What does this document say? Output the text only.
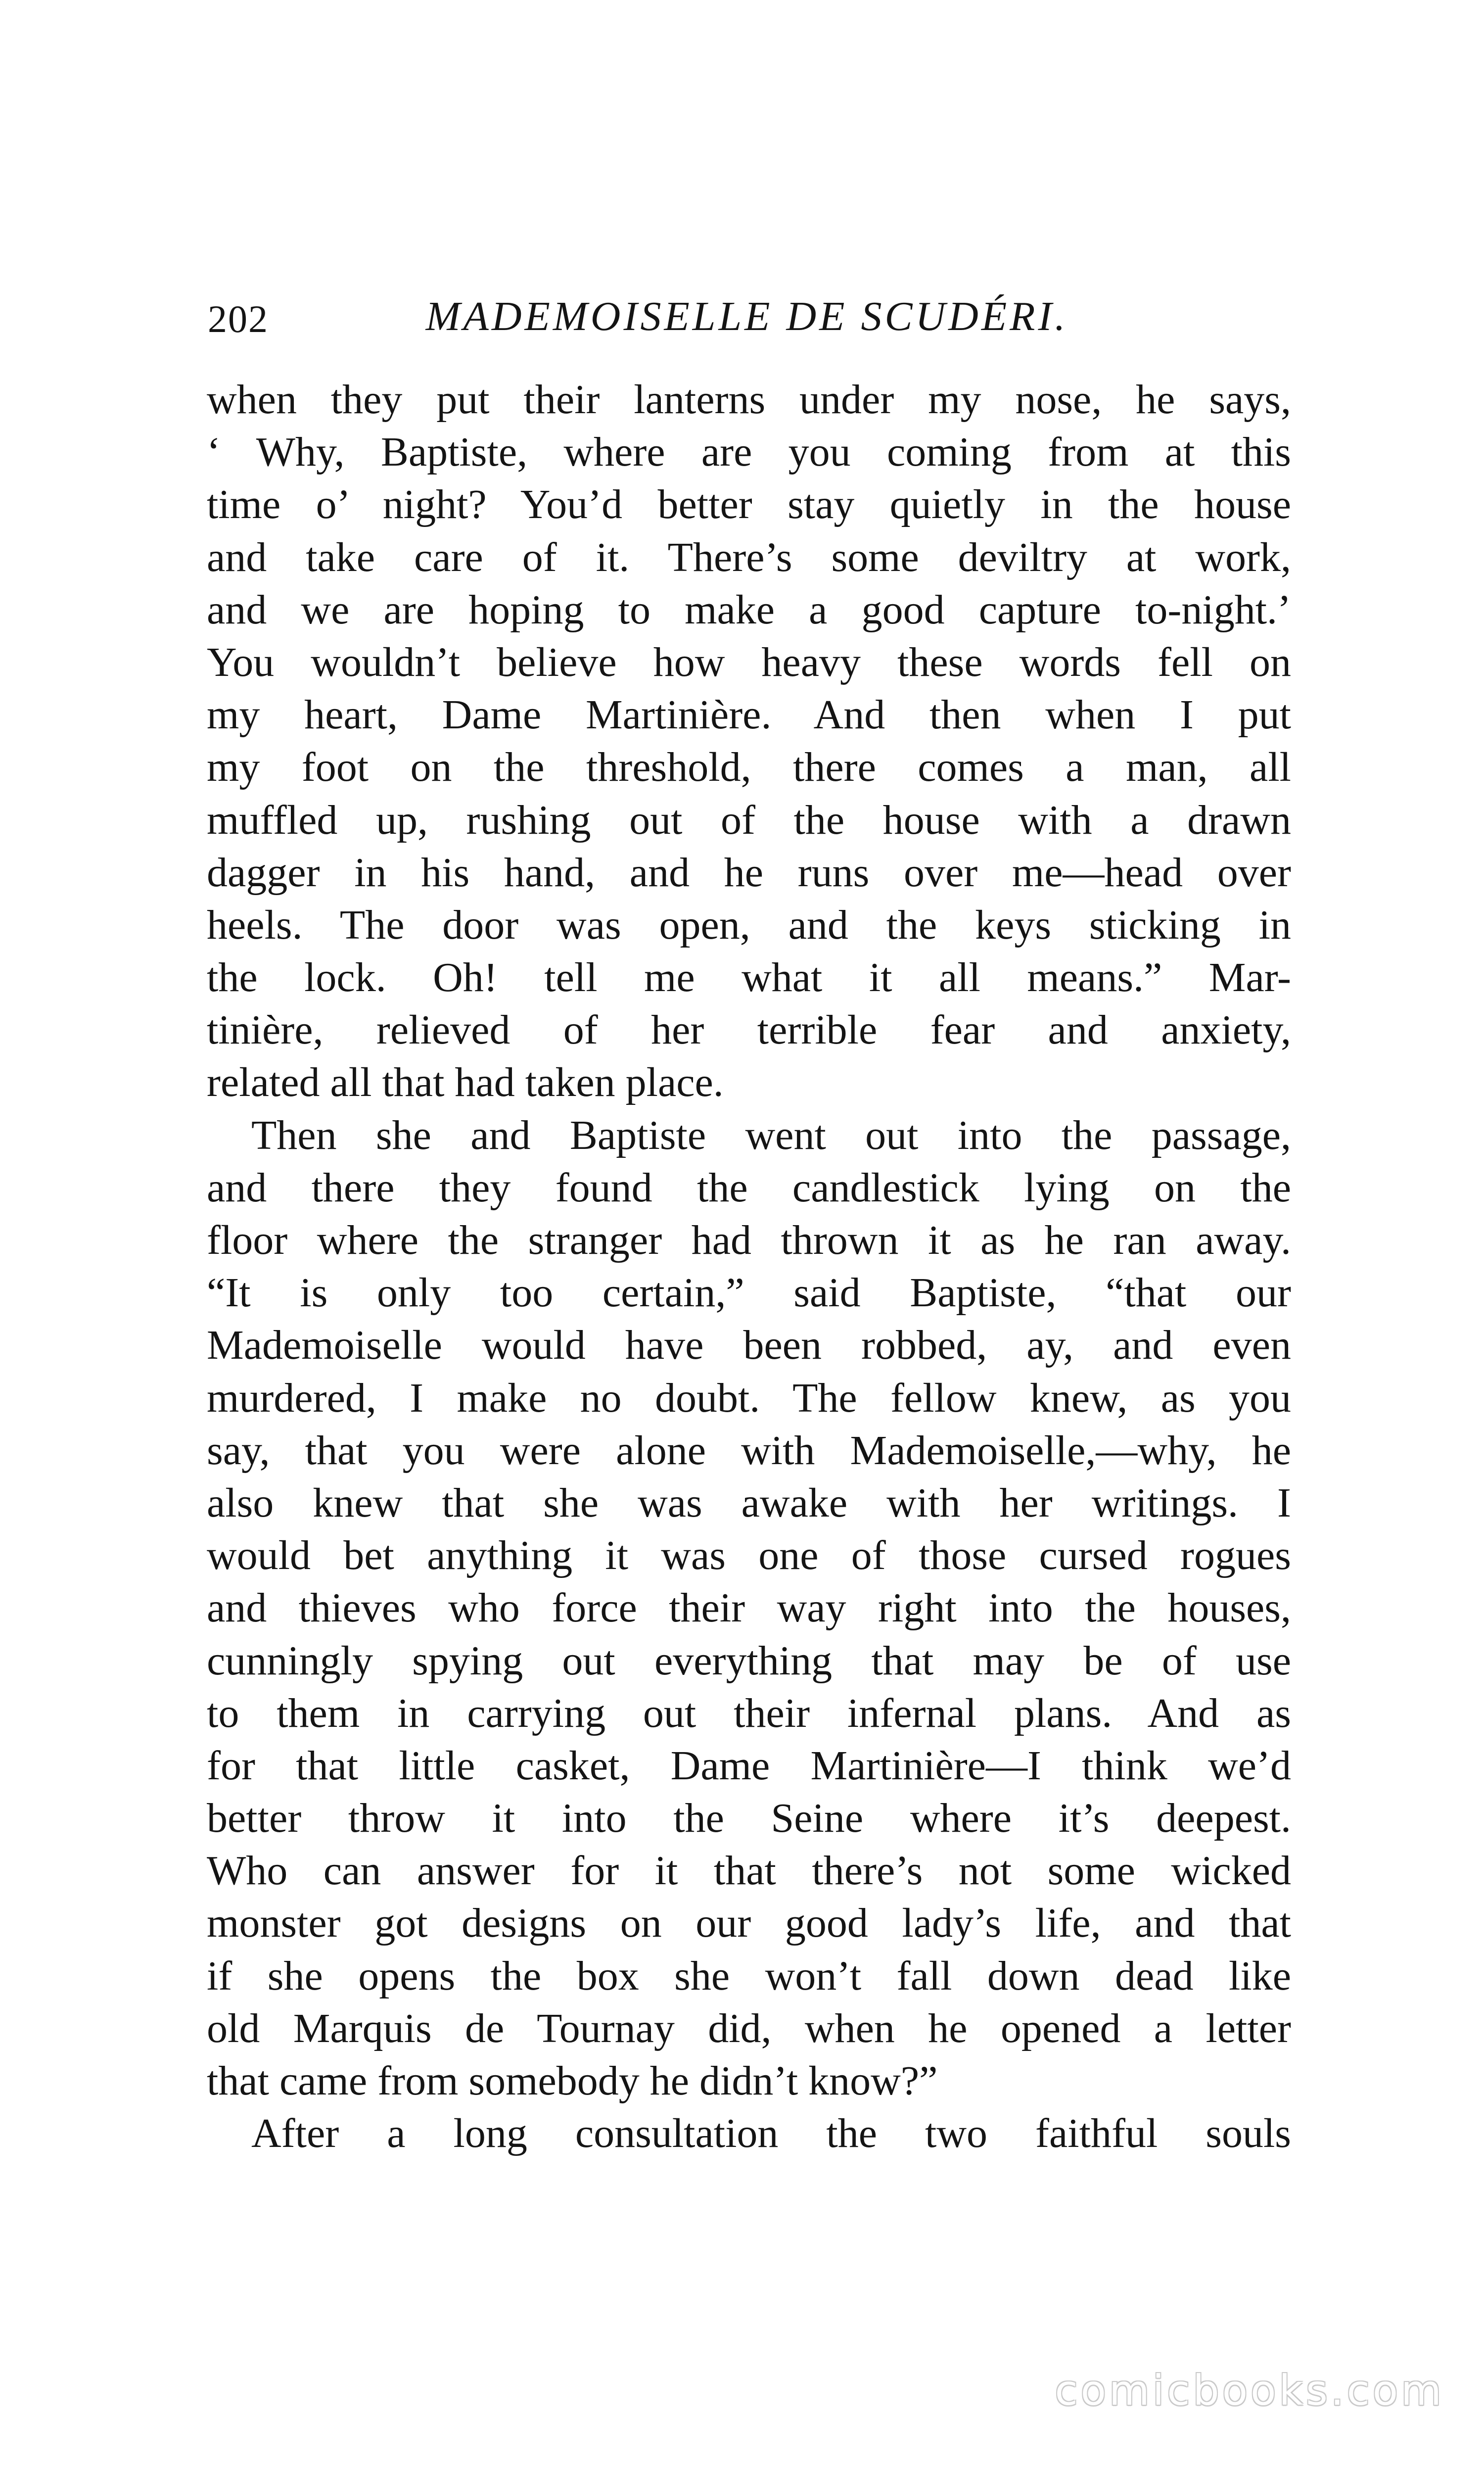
202	MADEMOISELLE DE SCUDÉRI.
when they put their lanterns under my nose, he says,
‘ Why, Baptiste, where are you coming from at this
time o’ night? You’d better stay quietly in the house
and take care of it. There’s some deviltry at work,
and we are hoping to make a good capture to-night.’
You wouldn’t believe how heavy these words fell on
my heart, Dame Martinière. And then when I put
my foot on the threshold, there comes a man, all
muffled up, rushing out of the house with a drawn
dagger in his hand, and he runs over me—head over
heels. The door was open, and the keys sticking in
the lock. Oh! tell me what it all means.” Mar-
tinière, relieved of her terrible fear and anxiety,
related all that had taken place.
Then she and Baptiste went out into the passage,
and there they found the candlestick lying on the
floor where the stranger had thrown it as he ran away.
“It is only too certain,” said Baptiste, “that our
Mademoiselle would have been robbed, ay, and even
murdered, I make no doubt. The fellow knew, as you
say, that you were alone with Mademoiselle,—why, he
also knew that she was awake with her writings. I
would bet anything it was one of those cursed rogues
and thieves who force their way right into the houses,
cunningly spying out everything that may be of use
to them in carrying out their infernal plans. And as
for that little casket, Dame Martinière—I think we’d
better throw it into the Seine where it’s deepest.
Who can answer for it that there’s not some wicked
monster got designs on our good lady’s life, and that
if she opens the box she won’t fall down dead like
old Marquis de Tournay did, when he opened a letter
that came from somebody he didn’t know?”
After a long consultation the two faithful souls
comicbooks.com
